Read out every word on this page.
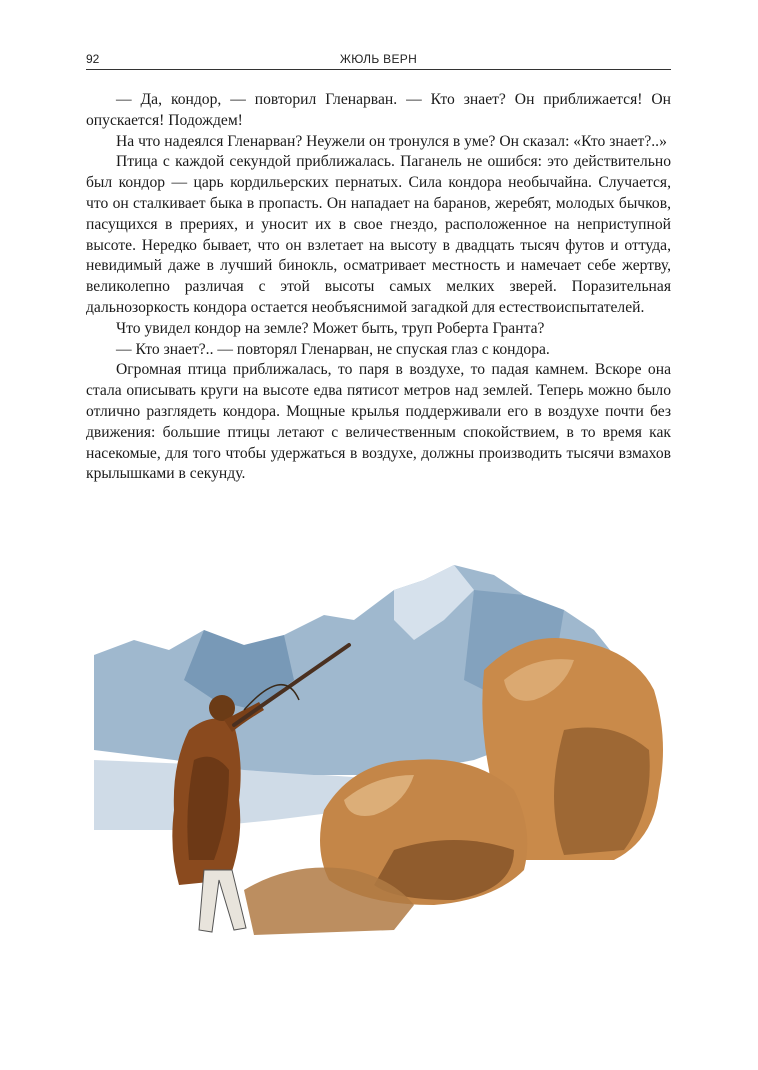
92	ЖЮЛЬ ВЕРН

— Да, кондор, — повторил Гленарван. — Кто знает? Он приближается! Он опускается! Подождем!

На что надеялся Гленарван? Неужели он тронулся в уме? Он сказал: «Кто знает?..»

Птица с каждой секундой приближалась. Паганель не ошибся: это действительно был кондор — царь кордильерских пернатых. Сила кондора необычайна. Случается, что он сталкивает быка в пропасть. Он нападает на баранов, жеребят, молодых бычков, пасущихся в прериях, и уносит их в свое гнездо, расположенное на неприступной высоте. Нередко бывает, что он взлетает на высоту в двадцать тысяч футов и оттуда, невидимый даже в лучший бинокль, осматривает местность и намечает себе жертву, великолепно различая с этой высоты самых мелких зверей. Поразительная дальнозоркость кондора остается необъяснимой загадкой для естествоиспытателей.

Что увидел кондор на земле? Может быть, труп Роберта Гранта?

— Кто знает?.. — повторял Гленарван, не спуская глаз с кондора.

Огромная птица приближалась, то паря в воздухе, то падая камнем. Вскоре она стала описывать круги на высоте едва пятисот метров над землей. Теперь можно было отлично разглядеть кондора. Мощные крылья поддерживали его в воздухе почти без движения: большие птицы летают с величественным спокойствием, в то время как насекомые, для того чтобы удержаться в воздухе, должны производить тысячи взмахов крылышками в секунду.
